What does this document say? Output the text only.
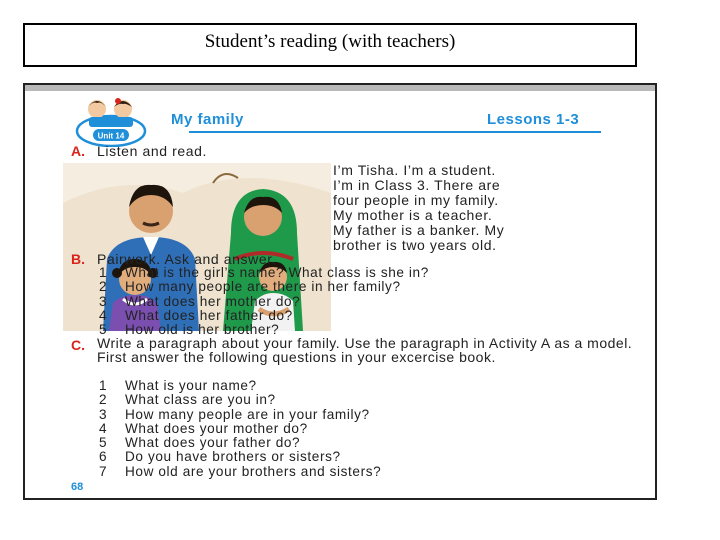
Student’s reading (with teachers)
Unit 14
My family	Lessons 1-3
A. Listen and read.
I’m Tisha. I’m a student.
I’m in Class 3. There are
four people in my family.
My mother is a teacher.
My father is a banker. My
brother is two years old.
B. Pairwork. Ask and answer.
1 What is the girl’s name? What class is she in?
2 How many people are there in her family?
3 What does her mother do?
4 What does her father do?
5 How old is her brother?
C. Write a paragraph about your family. Use the paragraph in Activity A as a model. First answer the following questions in your excercise book.
1 What is your name?
2 What class are you in?
3 How many people are in your family?
4 What does your mother do?
5 What does your father do?
6 Do you have brothers or sisters?
7 How old are your brothers and sisters?
68
